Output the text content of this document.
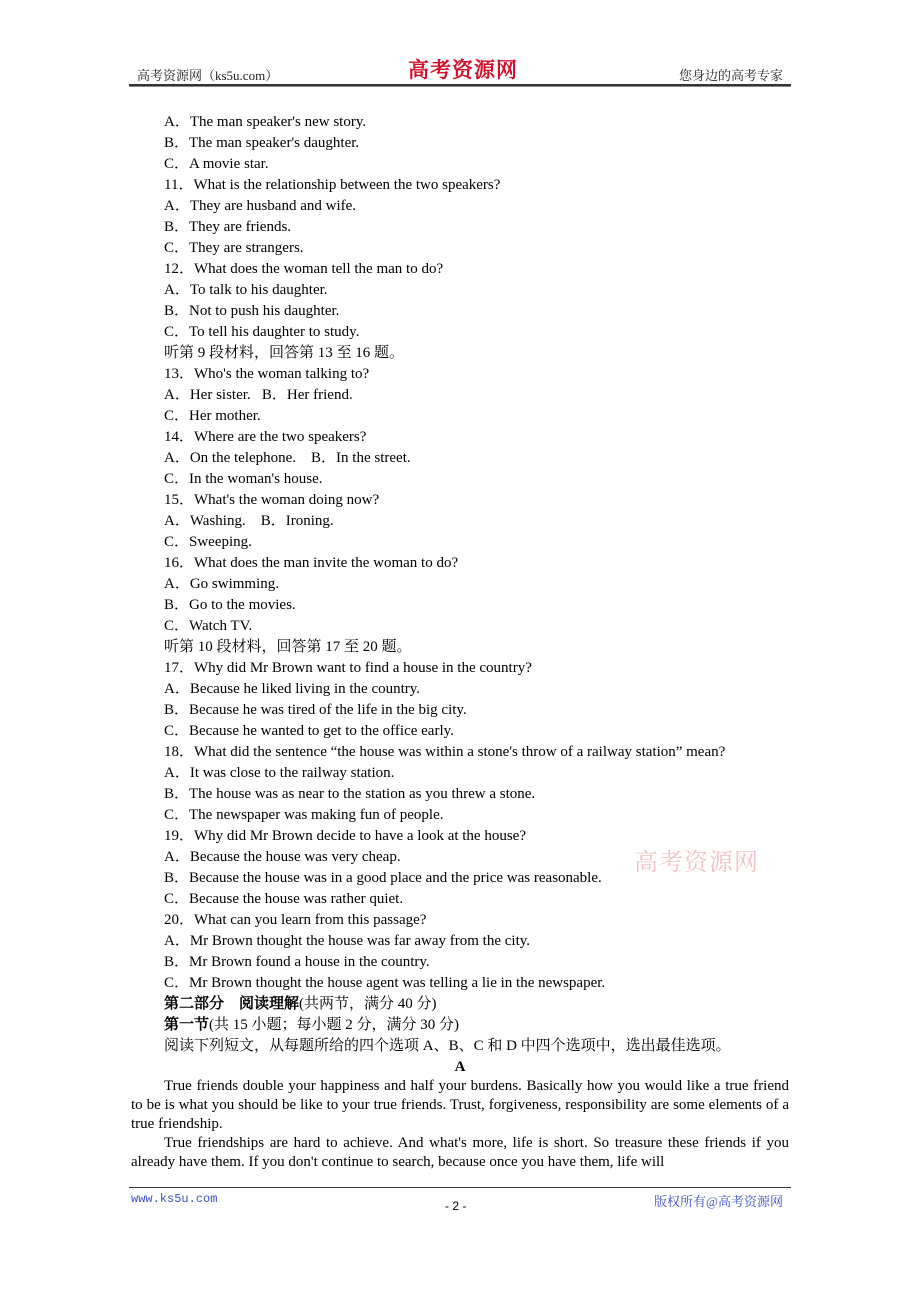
高考资源网（ks5u.com）	高考资源网	您身边的高考专家
A．The man speaker's new story.
B．The man speaker's daughter.
C．A movie star.
11．What is the relationship between the two speakers?
A．They are husband and wife.
B．They are friends.
C．They are strangers.
12．What does the woman tell the man to do?
A．To talk to his daughter.
B．Not to push his daughter.
C．To tell his daughter to study.
听第 9 段材料，回答第 13 至 16 题。
13．Who's the woman talking to?
A．Her sister.   B．Her friend.
C．Her mother.
14．Where are the two speakers?
A．On the telephone.    B．In the street.
C．In the woman's house.
15．What's the woman doing now?
A．Washing.    B．Ironing.
C．Sweeping.
16．What does the man invite the woman to do?
A．Go swimming.
B．Go to the movies.
C．Watch TV.
听第 10 段材料，回答第 17 至 20 题。
17．Why did Mr Brown want to find a house in the country?
A．Because he liked living in the country.
B．Because he was tired of the life in the big city.
C．Because he wanted to get to the office early.
18．What did the sentence “the house was within a stone's throw of a railway station” mean?
A．It was close to the railway station.
B．The house was as near to the station as you threw a stone.
C．The newspaper was making fun of people.
19．Why did Mr Brown decide to have a look at the house?
A．Because the house was very cheap.
B．Because the house was in a good place and the price was reasonable.
C．Because the house was rather quiet.
20．What can you learn from this passage?
A．Mr Brown thought the house was far away from the city.
B．Mr Brown found a house in the country.
C．Mr Brown thought the house agent was telling a lie in the newspaper.
第二部分　阅读理解(共两节，满分 40 分)
第一节(共 15 小题；每小题 2 分，满分 30 分)
阅读下列短文，从每题所给的四个选项 A、B、C 和 D 中四个选项中，选出最佳选项。
A

True friends double your happiness and half your burdens. Basically how you would like a true friend to be is what you should be like to your true friends. Trust, forgiveness, responsibility are some elements of a true friendship.

True friendships are hard to achieve. And what's more, life is short. So treasure these friends if you already have them. If you don't continue to search, because once you have them, life will

高考资源网
www.ks5u.com	- 2 -	版权所有@高考资源网
